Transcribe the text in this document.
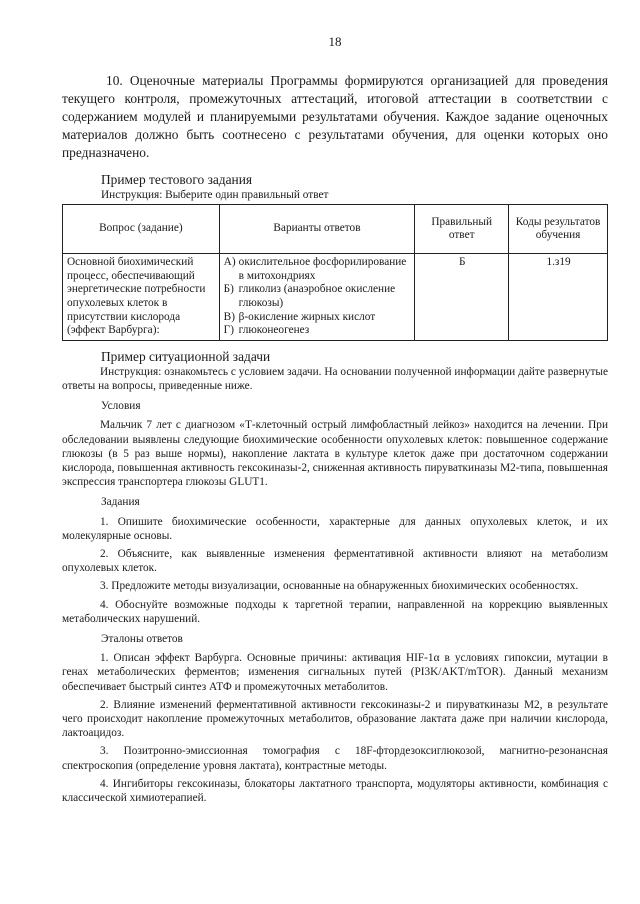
18

10. Оценочные материалы Программы формируются организацией для проведения текущего контроля, промежуточных аттестаций, итоговой аттестации в соответствии с содержанием модулей и планируемыми результатами обучения. Каждое задание оценочных материалов должно быть соотнесено с результатами обучения, для оценки которых оно предназначено.

Пример тестового задания
Инструкция: Выберите один правильный ответ
Вопрос (задание)	Варианты ответов	Правильный ответ	Коды результатов обучения
Основной биохимический процесс, обеспечивающий энергетические потребности опухолевых клеток в присутствии кислорода (эффект Варбурга):	А) окислительное фосфорилирование в митохондриях
Б) гликолиз (анаэробное окисление глюкозы)
В) β-окисление жирных кислот
Г) глюконеогенез	Б	1.з19
Пример ситуационной задачи

Инструкция: ознакомьтесь с условием задачи. На основании полученной информации дайте развернутые ответы на вопросы, приведенные ниже.

Условия

Мальчик 7 лет с диагнозом «Т-клеточный острый лимфобластный лейкоз» находится на лечении. При обследовании выявлены следующие биохимические особенности опухолевых клеток: повышенное содержание глюкозы (в 5 раз выше нормы), накопление лактата в культуре клеток даже при достаточном содержании кислорода, повышенная активность гексокиназы-2, сниженная активность пируваткиназы М2-типа, повышенная экспрессия транспортера глюкозы GLUT1.

Задания

1. Опишите биохимические особенности, характерные для данных опухолевых клеток, и их молекулярные основы.

2. Объясните, как выявленные изменения ферментативной активности влияют на метаболизм опухолевых клеток.

3. Предложите методы визуализации, основанные на обнаруженных биохимических особенностях.

4. Обоснуйте возможные подходы к таргетной терапии, направленной на коррекцию выявленных метаболических нарушений.

Эталоны ответов

1. Описан эффект Варбурга. Основные причины: активация HIF-1α в условиях гипоксии, мутации в генах метаболических ферментов; изменения сигнальных путей (PI3K/AKT/mTOR). Данный механизм обеспечивает быстрый синтез АТФ и промежуточных метаболитов.

2. Влияние изменений ферментативной активности гексокиназы-2 и пируваткиназы М2, в результате чего происходит накопление промежуточных метаболитов, образование лактата даже при наличии кислорода, лактоацидоз.

3. Позитронно-эмиссионная томография с 18F-фтордезоксиглюкозой, магнитно-резонансная спектроскопия (определение уровня лактата), контрастные методы.

4. Ингибиторы гексокиназы, блокаторы лактатного транспорта, модуляторы активности, комбинация с классической химиотерапией.
